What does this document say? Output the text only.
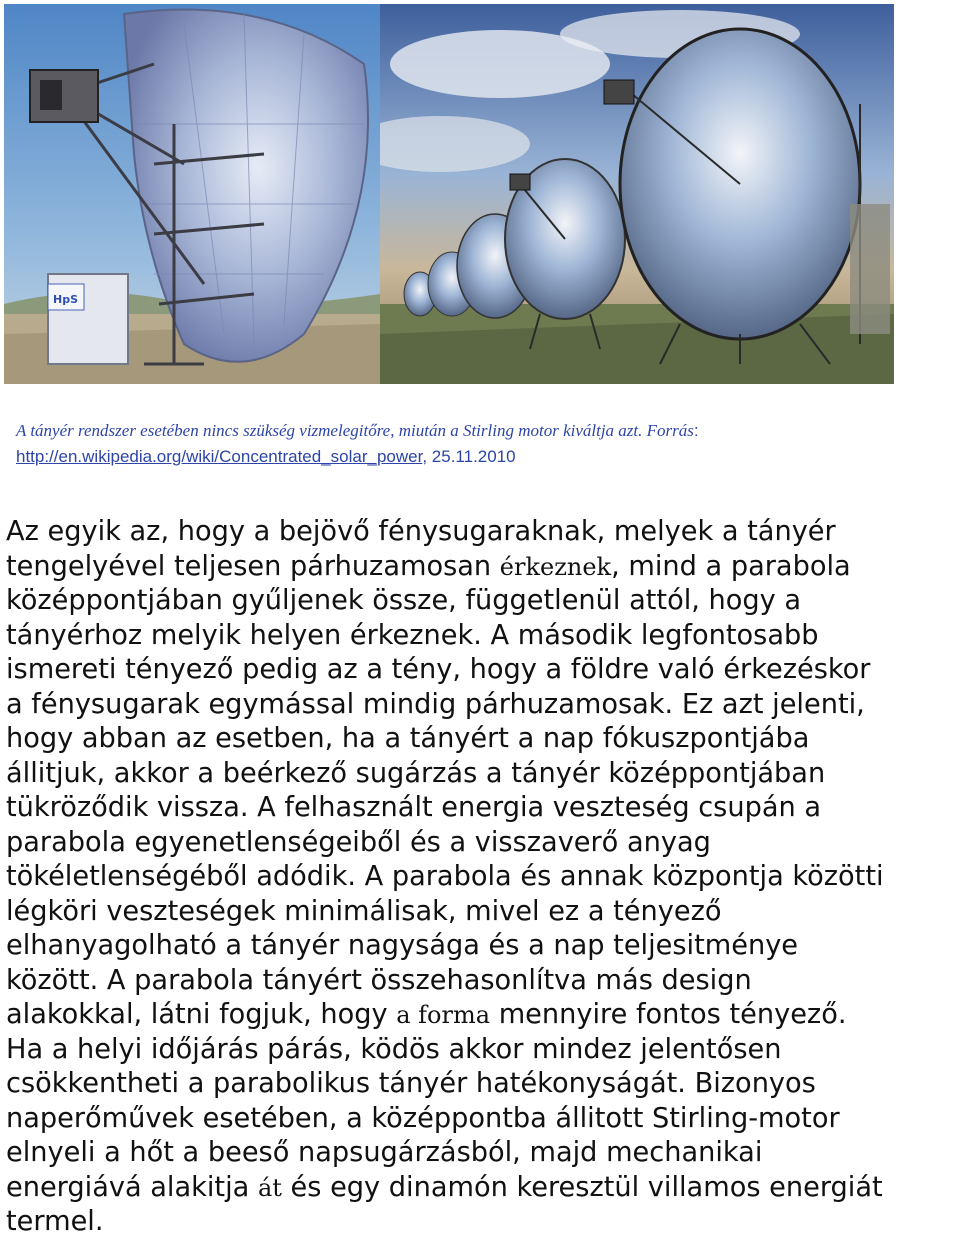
HpS
A tányér rendszer esetében nincs szükség vizmelegitőre, miután a Stirling motor kiváltja azt. Forrás:
http://en.wikipedia.org/wiki/Concentrated_solar_power, 25.11.2010
Az egyik az, hogy a bejövő fénysugaraknak, melyek a tányér
tengelyével teljesen párhuzamosan érkeznek, mind a parabola
középpontjában gyűljenek össze, függetlenül attól, hogy a
tányérhoz melyik helyen érkeznek. A második legfontosabb
ismereti tényező pedig az a tény, hogy a földre való érkezéskor
a fénysugarak egymással mindig párhuzamosak. Ez azt jelenti,
hogy abban az esetben, ha a tányért a nap fókuszpontjába
állitjuk, akkor a beérkező sugárzás a tányér középpontjában
tükröződik vissza. A felhasznált energia veszteség csupán a
parabola egyenetlenségeiből és a visszaverő anyag
tökéletlenségéből adódik. A parabola és annak központja közötti
légköri veszteségek minimálisak, mivel ez a tényező
elhanyagolható a tányér nagysága és a nap teljesitménye
között. A parabola tányért összehasonlítva más design
alakokkal, látni fogjuk, hogy a forma mennyire fontos tényező.
Ha a helyi időjárás párás, ködös akkor mindez jelentősen
csökkentheti a parabolikus tányér hatékonyságát. Bizonyos
naperőművek esetében, a középpontba állitott Stirling-motor
elnyeli a hőt a beeső napsugárzásból, majd mechanikai
energiává alakitja át és egy dinamón keresztül villamos energiát
termel.
